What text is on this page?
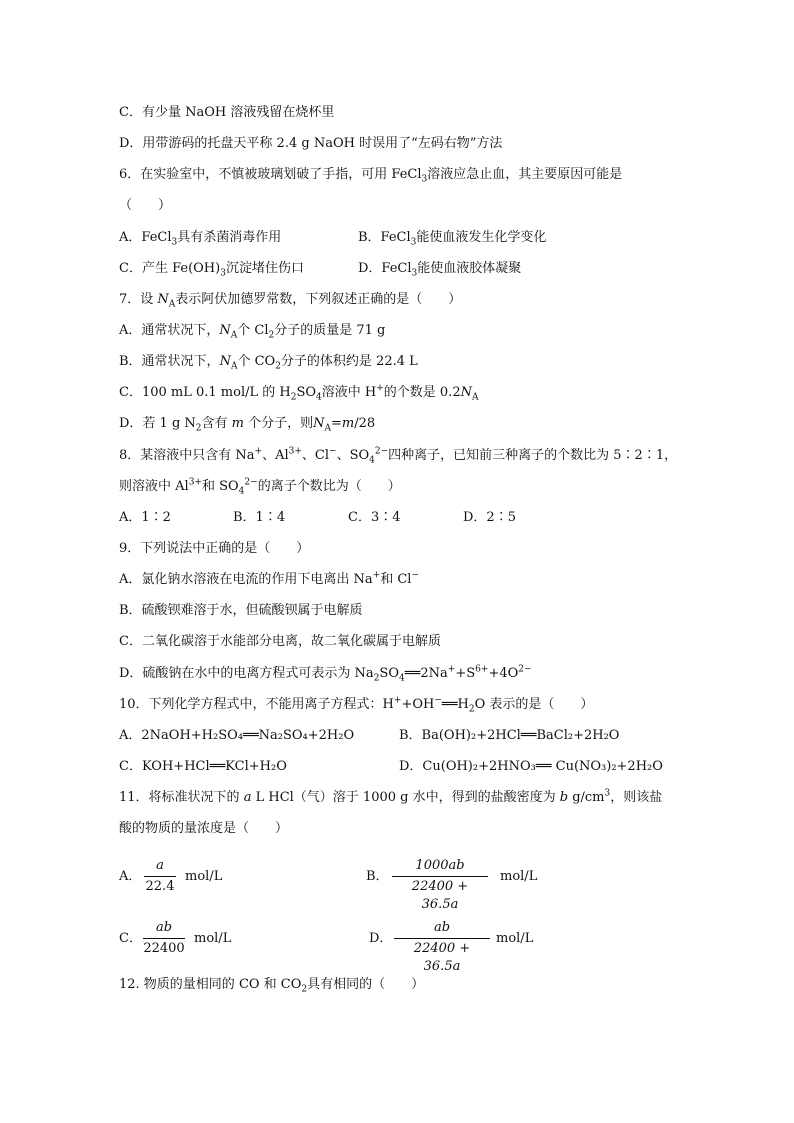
C．有少量 NaOH 溶液残留在烧杯里
D．用带游码的托盘天平称 2.4 g NaOH 时误用了“左码右物”方法
6．在实验室中，不慎被玻璃划破了手指，可用 FeCl$_3$溶液应急止血，其主要原因可能是
（　　）
A．FeCl$_3$具有杀菌消毒作用	B．FeCl$_3$能使血液发生化学变化
C．产生 $Fe(OH)_3$沉淀堵住伤口	D．FeCl$_3$能使血液胶体凝聚
7．设 $N_A$表示阿伏加德罗常数，下列叙述正确的是（　　）
A．通常状况下，$N_A$个 $Cl_2$分子的质量是 71 g
B．通常状况下，$N_A$个 $CO_2$分子的体积约是 22.4 L
C．100 mL 0.1 mol/L 的 $H_2SO_4$溶液中 H+的个数是 $0.2N_A$
D．若 1 g $N_2$含有 m 个分子，则$N_A=m/28$
8．某溶液中只含有 Na+、$Al^{3+}$、Cl−、$SO_4^{2-}$四种离子，已知前三种离子的个数比为 5∶2∶1，
则溶液中 $Al^{3+}$和 $SO_4^{2-}$的离子个数比为（　　）
A．1∶2	B．1∶4	C．3∶4	D．2∶5
9．下列说法中正确的是（　　）
A．氯化钠水溶液在电流的作用下电离出 Na+和 Cl−
B．硫酸钡难溶于水，但硫酸钡属于电解质
C．二氧化碳溶于水能部分电离，故二氧化碳属于电解质
D．硫酸钠在水中的电离方程式可表示为 $Na_2SO_4══2Na^++S^{6+}+4O^{2-}$
10．下列化学方程式中，不能用离子方程式：$H^++OH^-══H_2O$ 表示的是（　　）
A．2NaOH+H₂SO₄══Na₂SO₄+2H₂O	B．Ba(OH)₂+2HCl══BaCl₂+2H₂O
C．KOH+HCl══KCl+H₂O	D．Cu(OH)₂+2HNO₃══ Cu(NO₃)₂+2H₂O
11．将标准状况下的 a L HCl（气）溶于 1000 g 水中，得到的盐酸密度为 b $g/cm^3$，则该盐
酸的物质的量浓度是（　　）
A．
a
22.4
mol/L	B．
1000ab
22400 + 36.5a
mol/L
C．
ab
22400
mol/L	D．
ab
22400 + 36.5a
mol/L
12. 物质的量相同的 CO 和 $CO_2$具有相同的（　　）
